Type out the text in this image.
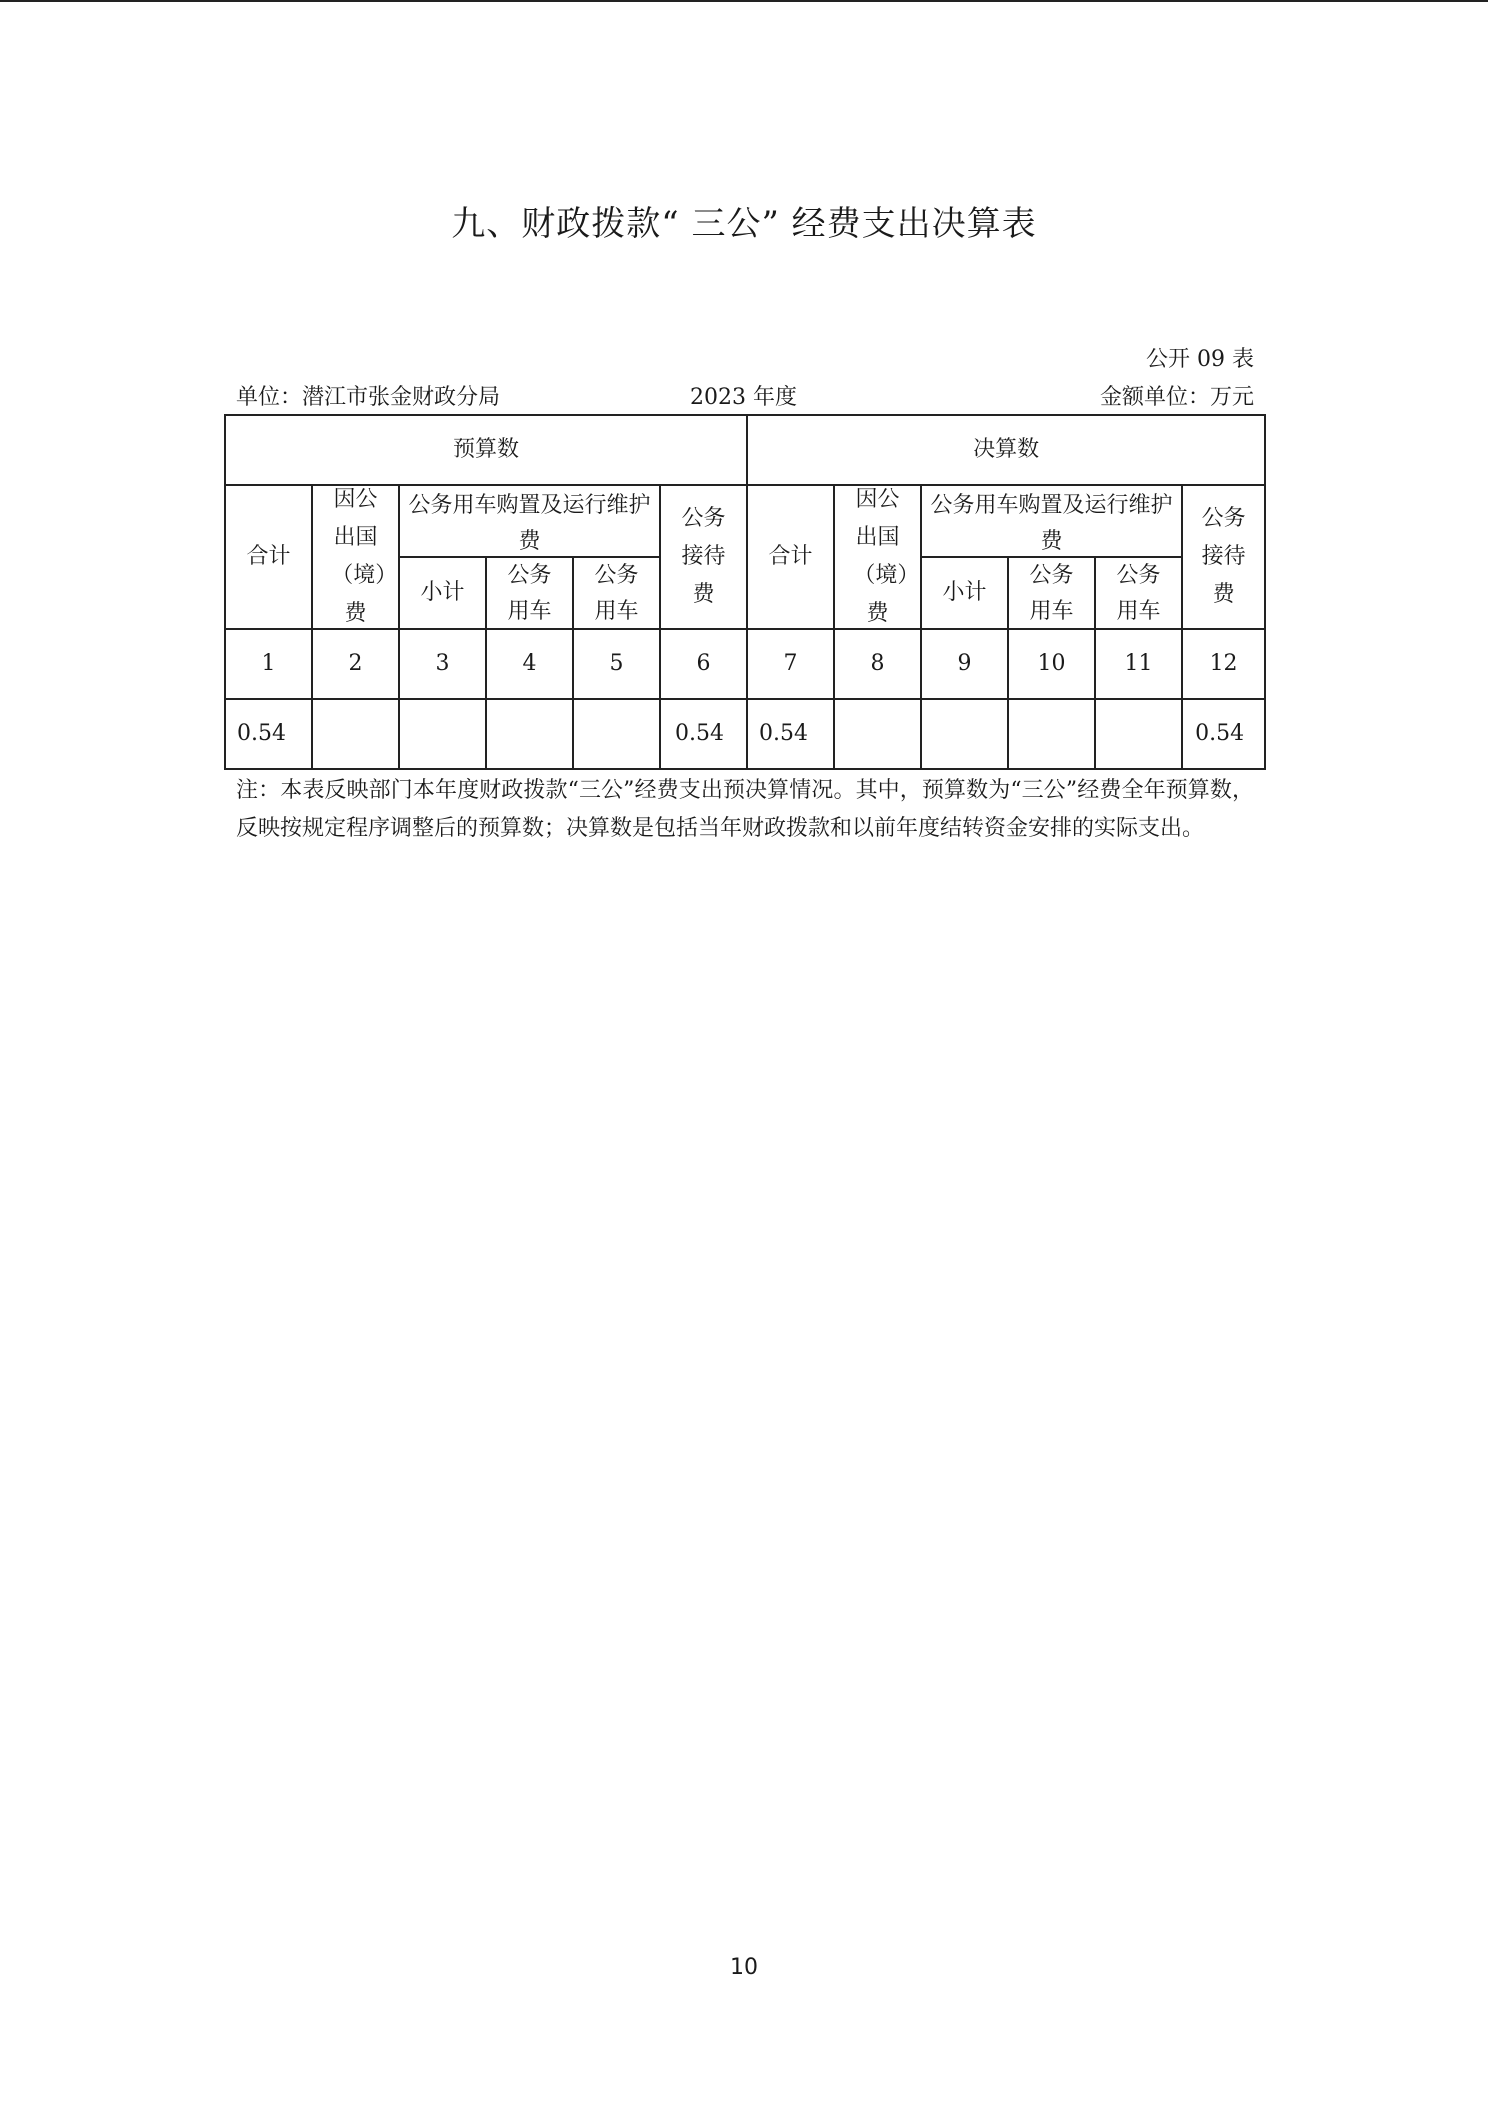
九、财政拨款“ 三公” 经费支出决算表
公开 09 表
单位：潜江市张金财政分局	2023 年度	金额单位：万元
预算数						决算数					
合计	因公出国（境）费	公务用车购置及运行维护费			公务接待费	合计	因公出国（境）费	公务用车购置及运行维护费			公务接待费

		小计	公务用车	公务用车				小计	公务用车	公务用车	

1	2	3	4	5	6	7	8	9	10	11	12
0.54					0.54	0.54					0.54
注：本表反映部门本年度财政拨款“三公”经费支出预决算情况。其中，预算数为“三公”经费全年预算数，反映按规定程序调整后的预算数；决算数是包括当年财政拨款和以前年度结转资金安排的实际支出。
10
